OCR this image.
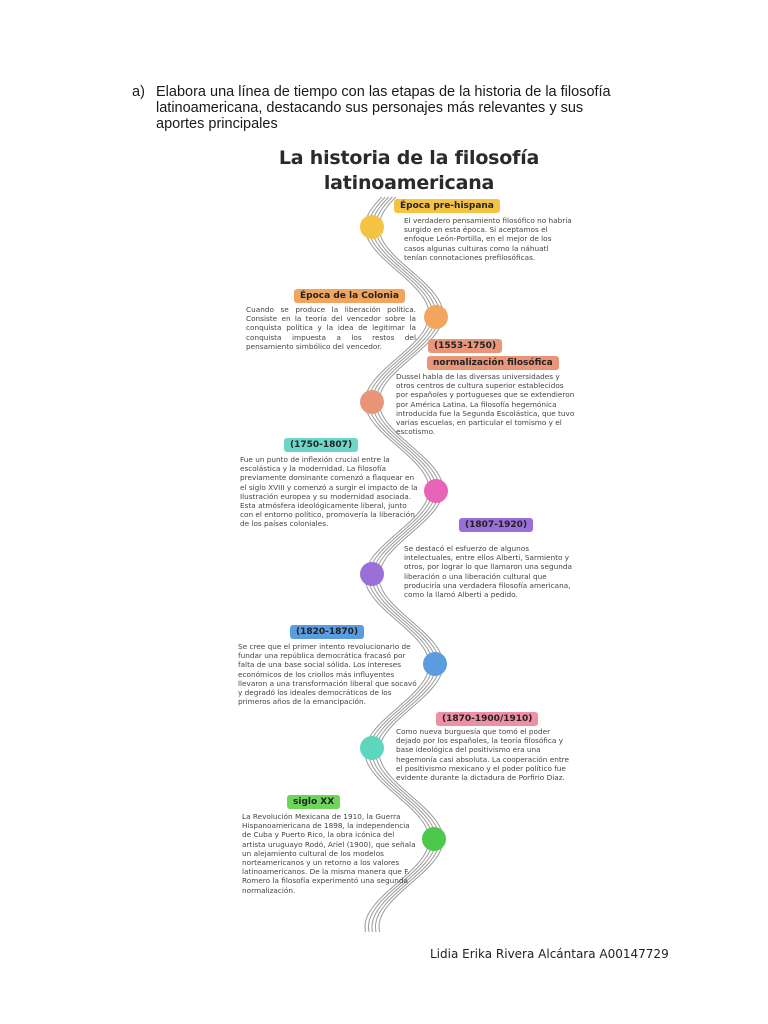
a) Elabora una línea de tiempo con las etapas de la historia de la filosofía latinoamericana, destacando sus personajes más relevantes y sus aportes principales
La historia de la filosofía
latinoamericana
Época pre-hispana
El verdadero pensamiento filosófico no habría surgido en esta época. Si aceptamos el enfoque León-Portilla, en el mejor de los casos algunas culturas como la náhuatl tenían connotaciones prefilosóficas.
Época de la Colonia
Cuando se produce la liberación política. Consiste en la teoría del vencedor sobre la conquista política y la idea de legitimar la conquista impuesta a los restos del pensamiento simbólico del vencedor.	(1553-1750)
normalización filosófica
Dussel habla de las diversas universidades y otros centros de cultura superior establecidos por españoles y portugueses que se extendieron por América Latina. La filosofía hegemónica introducida fue la Segunda Escolástica, que tuvo varias escuelas, en particular el tomismo y el escotismo.
(1750-1807)
Fue un punto de inflexión crucial entre la escolástica y la modernidad. La filosofía previamente dominante comenzó a flaquear en el siglo XVIII y comenzó a surgir el impacto de la Ilustración europea y su modernidad asociada. Esta atmósfera ideológicamente liberal, junto con el entorno político, promovería la liberación de los países coloniales.	(1807-1920)
Se destacó el esfuerzo de algunos intelectuales, entre ellos Alberti, Sarmiento y otros, por lograr lo que llamaron una segunda liberación o una liberación cultural que produciría una verdadera filosofía americana, como la llamó Alberti a pedido.
(1820-1870)
Se cree que el primer intento revolucionario de fundar una república democrática fracasó por falta de una base social sólida. Los intereses económicos de los criollos más influyentes llevaron a una transformación liberal que socavó y degradó los ideales democráticos de los primeros años de la emancipación.
(1870-1900/1910)
Como nueva burguesía que tomó el poder dejado por los españoles, la teoría filosófica y base ideológica del positivismo era una hegemonía casi absoluta. La cooperación entre el positivismo mexicano y el poder político fue evidente durante la dictadura de Porfirio Díaz.
siglo XX
La Revolución Mexicana de 1910, la Guerra Hispanoamericana de 1898, la independencia de Cuba y Puerto Rico, la obra icónica del artista uruguayo Rodó, Ariel (1900), que señala un alejamiento cultural de los modelos norteamericanos y un retorno a los valores latinoamericanos. De la misma manera que F. Romero la filosofía experimentó una segunda normalización.
Lidia Erika Rivera Alcántara A00147729
